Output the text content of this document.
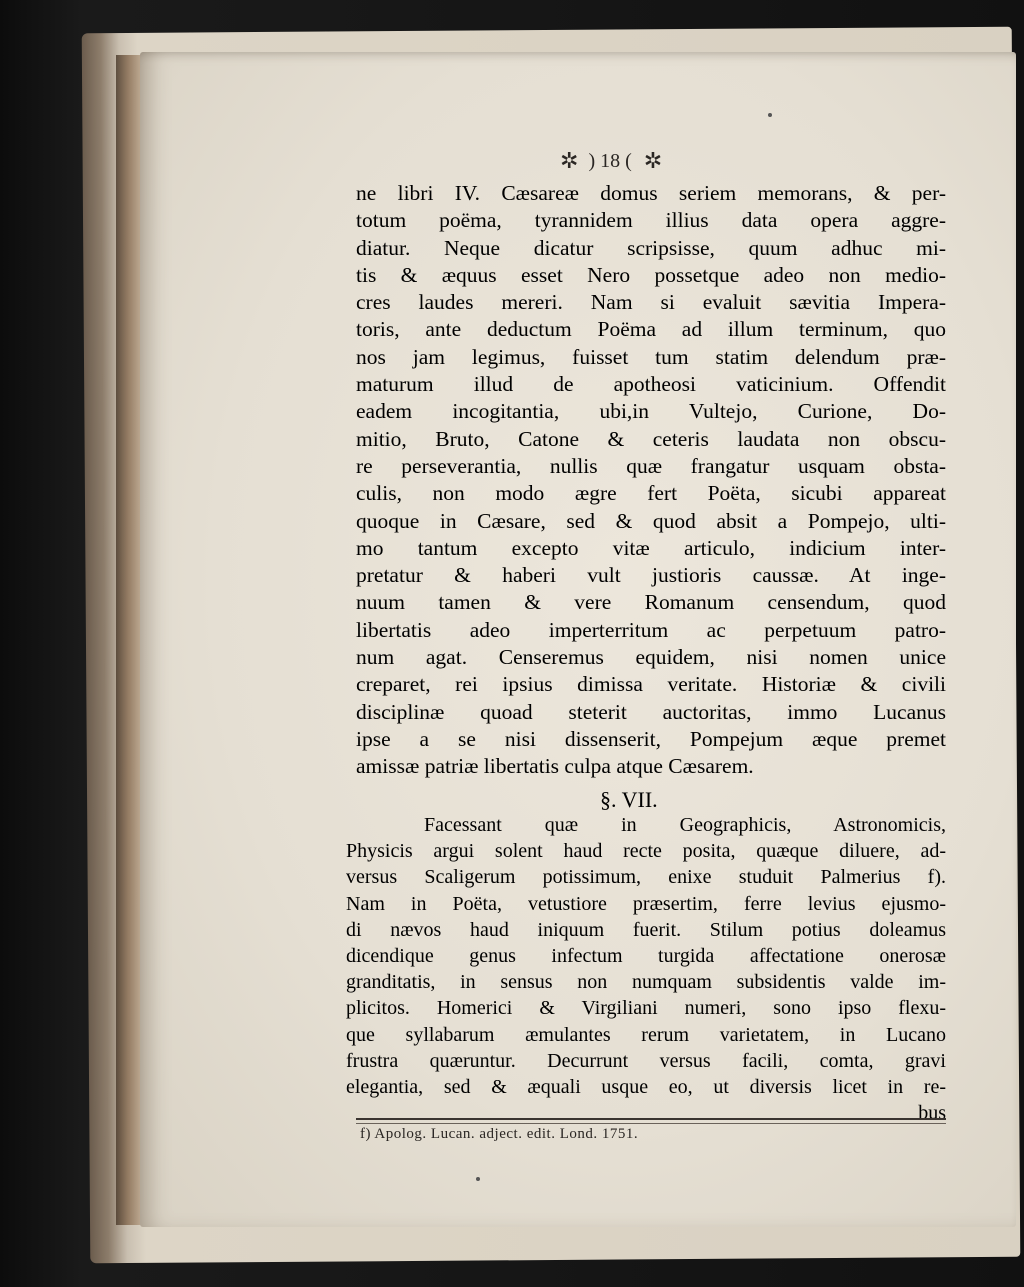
✲ ) 18 ( ✲
ne libri IV. Cæsareæ domus seriem memorans, & per-
totum poëma, tyrannidem illius data opera aggre-
diatur. Neque dicatur scripsisse, quum adhuc mi-
tis & æquus esset Nero possetque adeo non medio-
cres laudes mereri. Nam si evaluit sævitia Impera-
toris, ante deductum Poëma ad illum terminum, quo
nos jam legimus, fuisset tum statim delendum præ-
maturum illud de apotheosi vaticinium. Offendit
eadem incogitantia, ubi,in Vultejo, Curione, Do-
mitio, Bruto, Catone & ceteris laudata non obscu-
re perseverantia, nullis quæ frangatur usquam obsta-
culis, non modo ægre fert Poëta, sicubi appareat
quoque in Cæsare, sed & quod absit a Pompejo, ulti-
mo tantum excepto vitæ articulo, indicium inter-
pretatur & haberi vult justioris caussæ. At inge-
nuum tamen & vere Romanum censendum, quod
libertatis adeo imperterritum ac perpetuum patro-
num agat. Censeremus equidem, nisi nomen unice
creparet, rei ipsius dimissa veritate. Historiæ & civili
disciplinæ quoad steterit auctoritas, immo Lucanus
ipse a se nisi dissenserit, Pompejum æque premet
amissæ patriæ libertatis culpa atque Cæsarem.
§. VII.
Facessant quæ in Geographicis, Astronomicis,
Physicis argui solent haud recte posita, quæque diluere, ad-
versus Scaligerum potissimum, enixe studuit Palmerius f).
Nam in Poëta, vetustiore præsertim, ferre levius ejusmo-
di nævos haud iniquum fuerit. Stilum potius doleamus
dicendique genus infectum turgida affectatione onerosæ
granditatis, in sensus non numquam subsidentis valde im-
plicitos. Homerici & Virgiliani numeri, sono ipso flexu-
que syllabarum æmulantes rerum varietatem, in Lucano
frustra quæruntur. Decurrunt versus facili, comta, gravi
elegantia, sed & æquali usque eo, ut diversis licet in re-
bus
f) Apolog. Lucan. adject. edit. Lond. 1751.
